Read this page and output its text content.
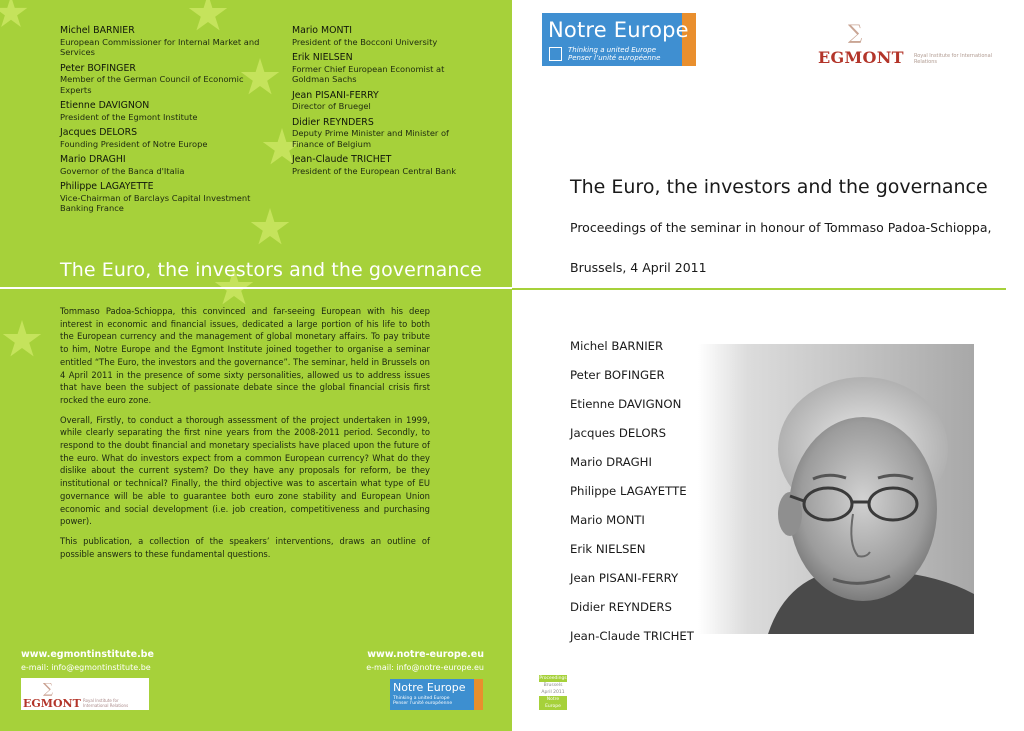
Michel BARNIER
European Commissioner for Internal Market and Services
Peter BOFINGER
Member of the German Council of Economic Experts
Etienne DAVIGNON
President of the Egmont Institute
Jacques DELORS
Founding President of Notre Europe
Mario DRAGHI
Governor of the Banca d'Italia
Philippe LAGAYETTE
Vice-Chairman of Barclays Capital Investment Banking France
Mario MONTI
President of the Bocconi University
Erik NIELSEN
Former Chief European Economist at Goldman Sachs
Jean PISANI-FERRY
Director of Bruegel
Didier REYNDERS
Deputy Prime Minister and Minister of Finance of Belgium
Jean-Claude TRICHET
President of the European Central Bank
The Euro, the investors and the governance

Tommaso Padoa-Schioppa, this convinced and far-seeing European with his deep interest in economic and financial issues, dedicated a large portion of his life to both the European currency and the management of global monetary affairs. To pay tribute to him, Notre Europe and the Egmont Institute joined together to organise a seminar entitled “The Euro, the investors and the governance”. The seminar, held in Brussels on 4 April 2011 in the presence of some sixty personalities, allowed us to address issues that have been the subject of passionate debate since the global financial crisis first rocked the euro zone.

Overall, Firstly, to conduct a thorough assessment of the project undertaken in 1999, while clearly separating the first nine years from the 2008-2011 period. Secondly, to respond to the doubt financial and monetary specialists have placed upon the future of the euro. What do investors expect from a common European currency? What do they dislike about the current system? Do they have any proposals for reform, be they institutional or technical? Finally, the third objective was to ascertain what type of EU governance will be able to guarantee both euro zone stability and European Union economic and social development (i.e. job creation, competitiveness and purchasing power).

This publication, a collection of the speakers’ interventions, draws an outline of possible answers to these fundamental questions.

www.egmontinstitute.be
e-mail: info@egmontinstitute.be
www.notre-europe.eu
e-mail: info@notre-europe.eu
∑
EGMONT Royal Institute for International Relations
Notre Europe
Thinking a united Europe
Penser l’unité européenne
Notre Europe
Thinking a united Europe
Penser l’unité européenne
∑
EGMONT Royal Institute for International Relations
The Euro, the investors and the governance
Proceedings of the seminar in honour of Tommaso Padoa-Schioppa,
Brussels, 4 April 2011
Michel BARNIER
Peter BOFINGER
Etienne DAVIGNON
Jacques DELORS
Mario DRAGHI
Philippe LAGAYETTE
Mario MONTI
Erik NIELSEN
Jean PISANI-FERRY
Didier REYNDERS
Jean-Claude TRICHET
Proceedings
Brussels
April 2011
Notre Europe
